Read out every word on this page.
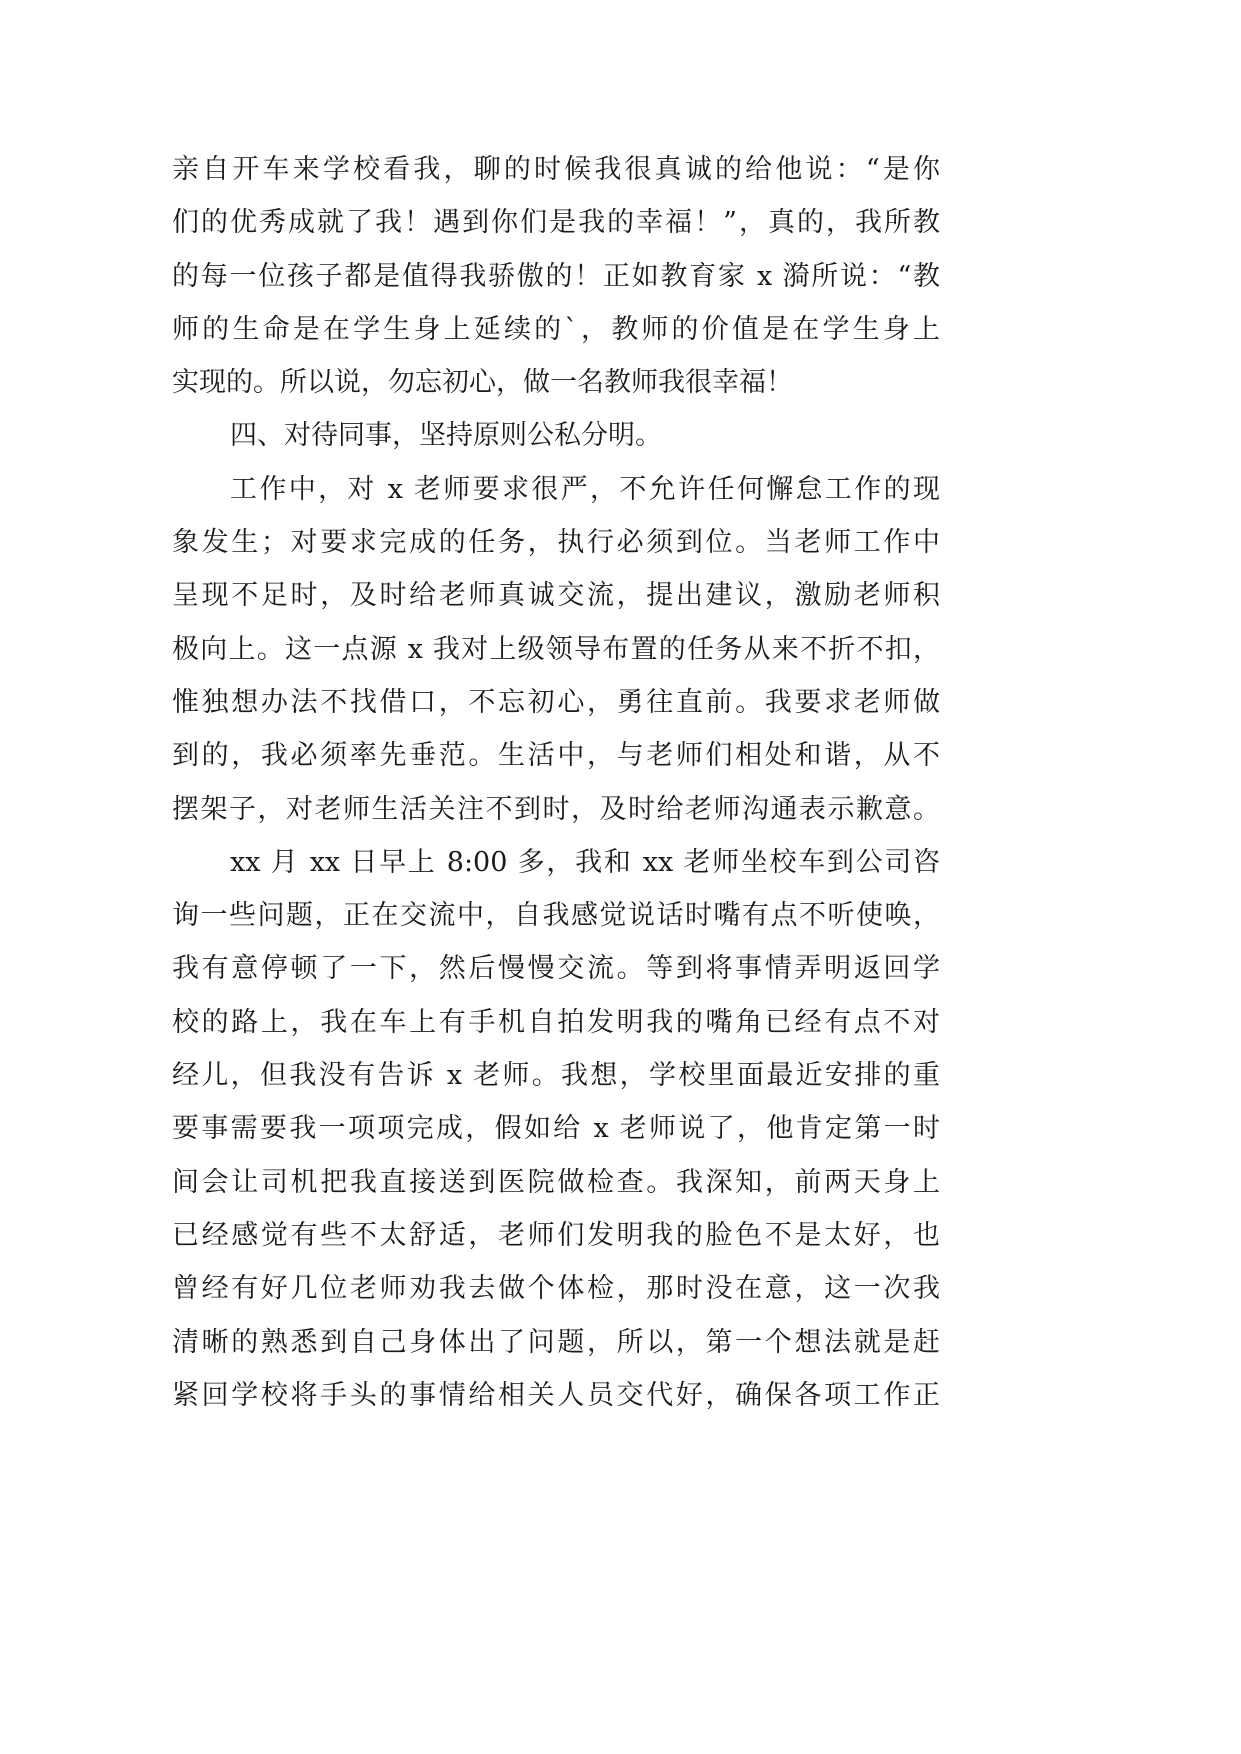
亲自开车来学校看我，聊的时候我很真诚的给他说：“是你
们的优秀成就了我！遇到你们是我的幸福！”，真的，我所教
的每一位孩子都是值得我骄傲的！正如教育家 x 漪所说：“教
师的生命是在学生身上延续的`，教师的价值是在学生身上
实现的。所以说，勿忘初心，做一名教师我很幸福！
四、对待同事，坚持原则公私分明。
工作中，对 x 老师要求很严，不允许任何懈怠工作的现
象发生；对要求完成的任务，执行必须到位。当老师工作中
呈现不足时，及时给老师真诚交流，提出建议，激励老师积
极向上。这一点源 x 我对上级领导布置的任务从来不折不扣，
惟独想办法不找借口，不忘初心，勇往直前。我要求老师做
到的，我必须率先垂范。生活中，与老师们相处和谐，从不
摆架子，对老师生活关注不到时，及时给老师沟通表示歉意。
xx 月 xx 日早上 8:00 多，我和 xx 老师坐校车到公司咨
询一些问题，正在交流中，自我感觉说话时嘴有点不听使唤，
我有意停顿了一下，然后慢慢交流。等到将事情弄明返回学
校的路上，我在车上有手机自拍发明我的嘴角已经有点不对
经儿，但我没有告诉 x 老师。我想，学校里面最近安排的重
要事需要我一项项完成，假如给 x 老师说了，他肯定第一时
间会让司机把我直接送到医院做检查。我深知，前两天身上
已经感觉有些不太舒适，老师们发明我的脸色不是太好，也
曾经有好几位老师劝我去做个体检，那时没在意，这一次我
清晰的熟悉到自己身体出了问题，所以，第一个想法就是赶
紧回学校将手头的事情给相关人员交代好，确保各项工作正
